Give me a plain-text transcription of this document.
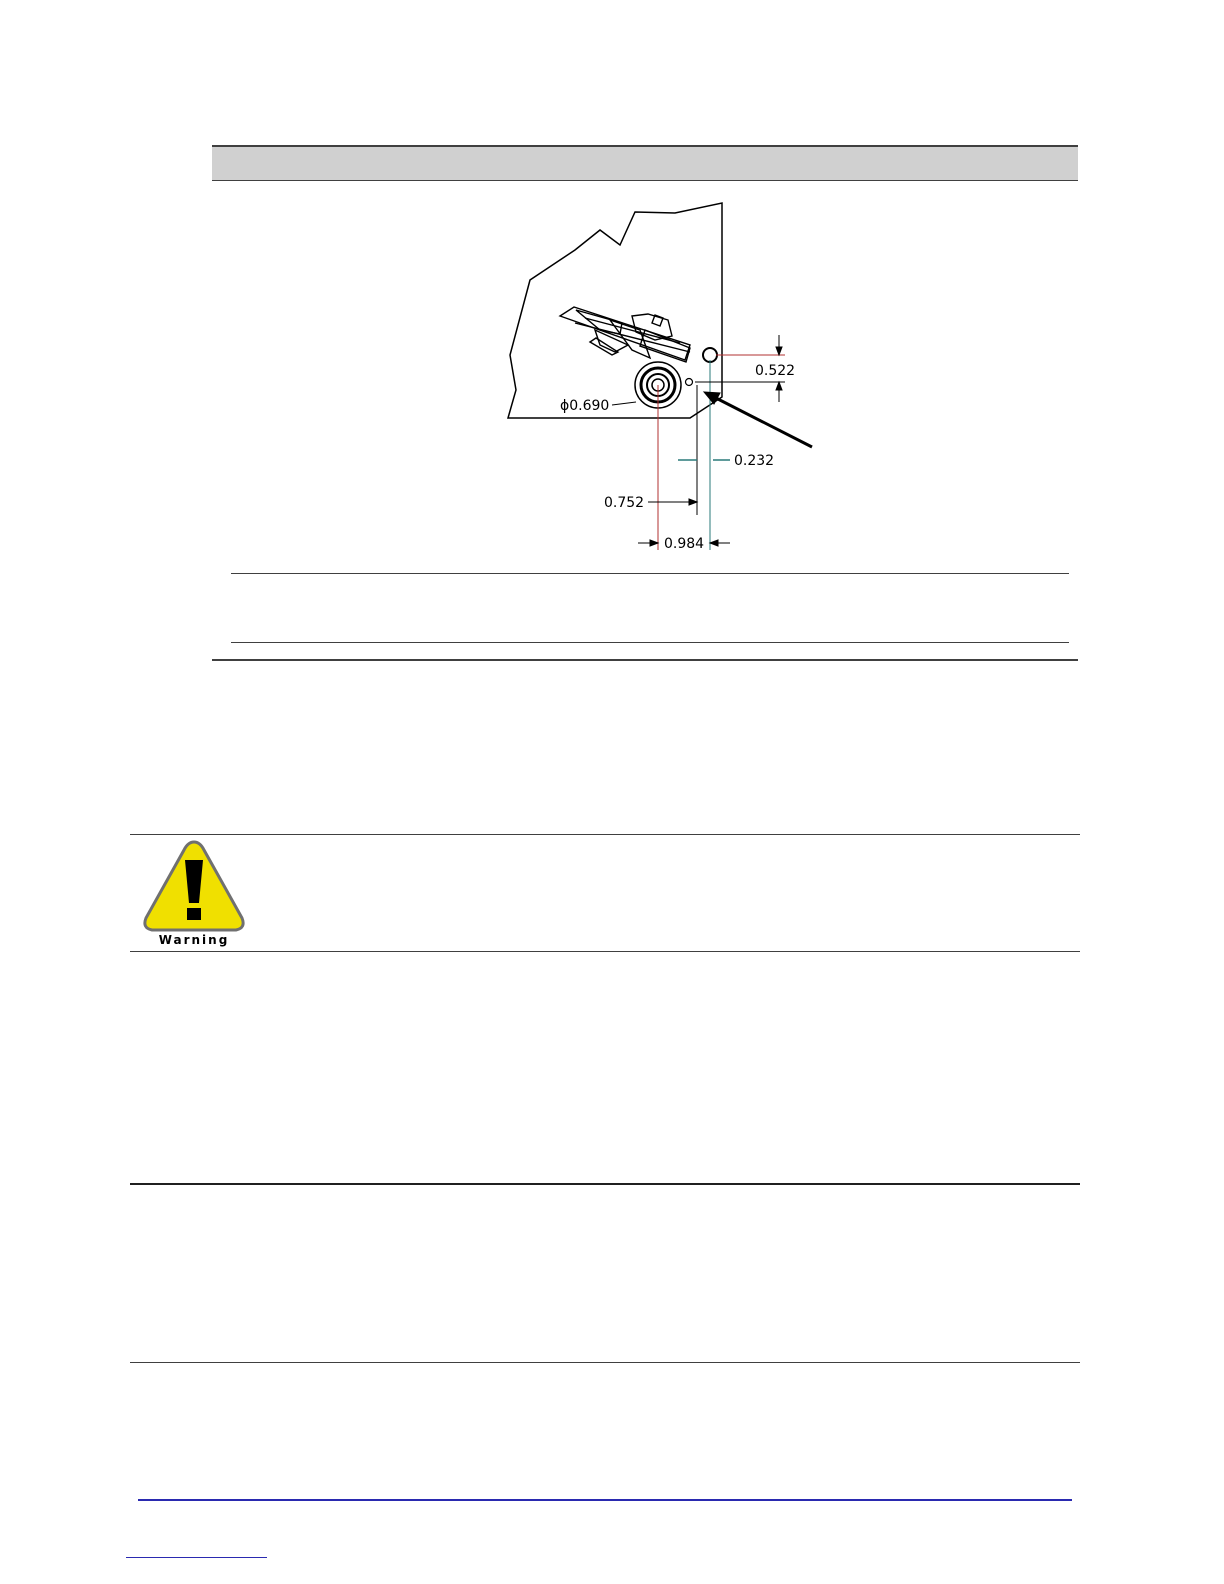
0.522
ϕ0.690
0.232
0.752
0.984
Warning
